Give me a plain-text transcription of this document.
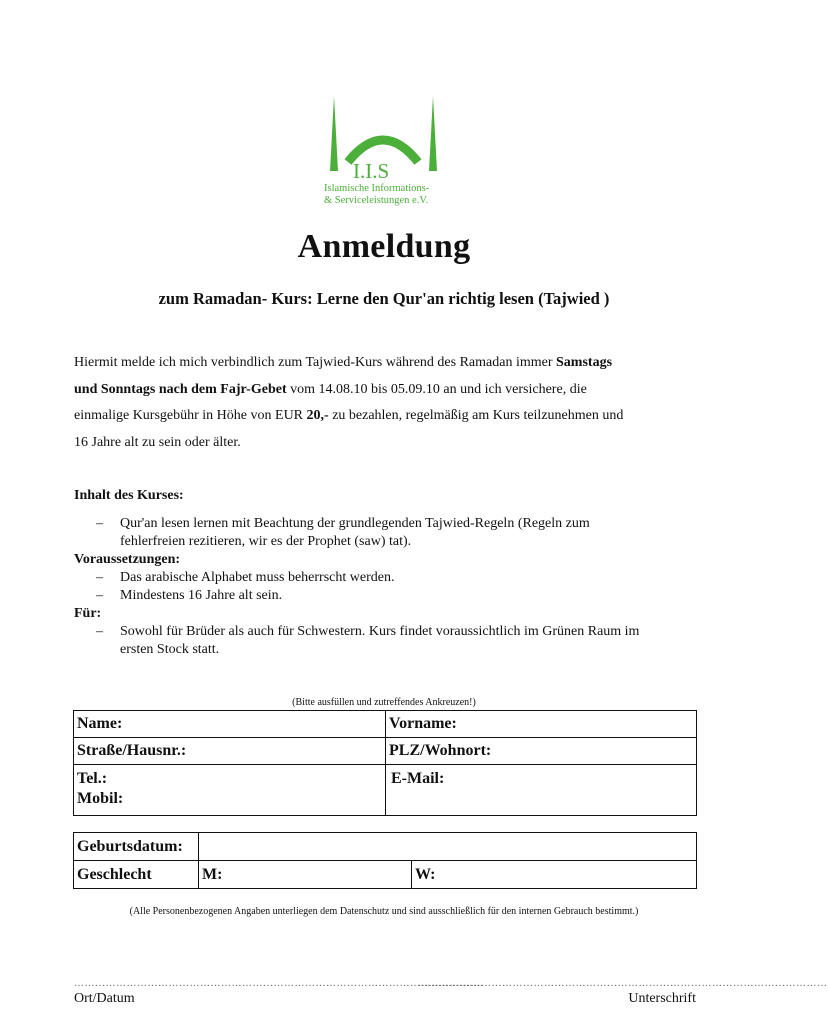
I.I.S
Islamische Informations-
& Serviceleistungen e.V.
Anmeldung
zum Ramadan- Kurs: Lerne den Qur'an richtig lesen (Tajwied )

Hiermit melde ich mich verbindlich zum Tajwied-Kurs während des Ramadan immer Samstags

und Sonntags nach dem Fajr-Gebet vom 14.08.10 bis 05.09.10 an und ich versichere, die

einmalige Kursgebühr in Höhe von EUR 20,- zu bezahlen, regelmäßig am Kurs teilzunehmen und

16 Jahre alt zu sein oder älter.

Inhalt des Kurses:

– Qur'an lesen lernen mit Beachtung der grundlegenden Tajwied-Regeln (Regeln zum
fehlerfreien rezitieren, wir es der Prophet (saw) tat).

Voraussetzungen:

– Das arabische Alphabet muss beherrscht werden.
– Mindestens 16 Jahre alt sein.

Für:

– Sowohl für Brüder als auch für Schwestern. Kurs findet voraussichtlich im Grünen Raum im
ersten Stock statt.
(Bitte ausfüllen und zutreffendes Ankreuzen!)
Name:	Vorname:
Straße/Hausnr.:	PLZ/Wohnort:

Tel.:
Mobil:	E-Mail:
Geburtsdatum:		
Geschlecht	M:	W:
(Alle Personenbezogenen Angaben unterliegen dem Datenschutz und sind ausschließlich für den internen Gebrauch bestimmt.)
………………………………………………………………………………………………………
………………………………………………………………………………………………………
Ort/Datum	Unterschrift
